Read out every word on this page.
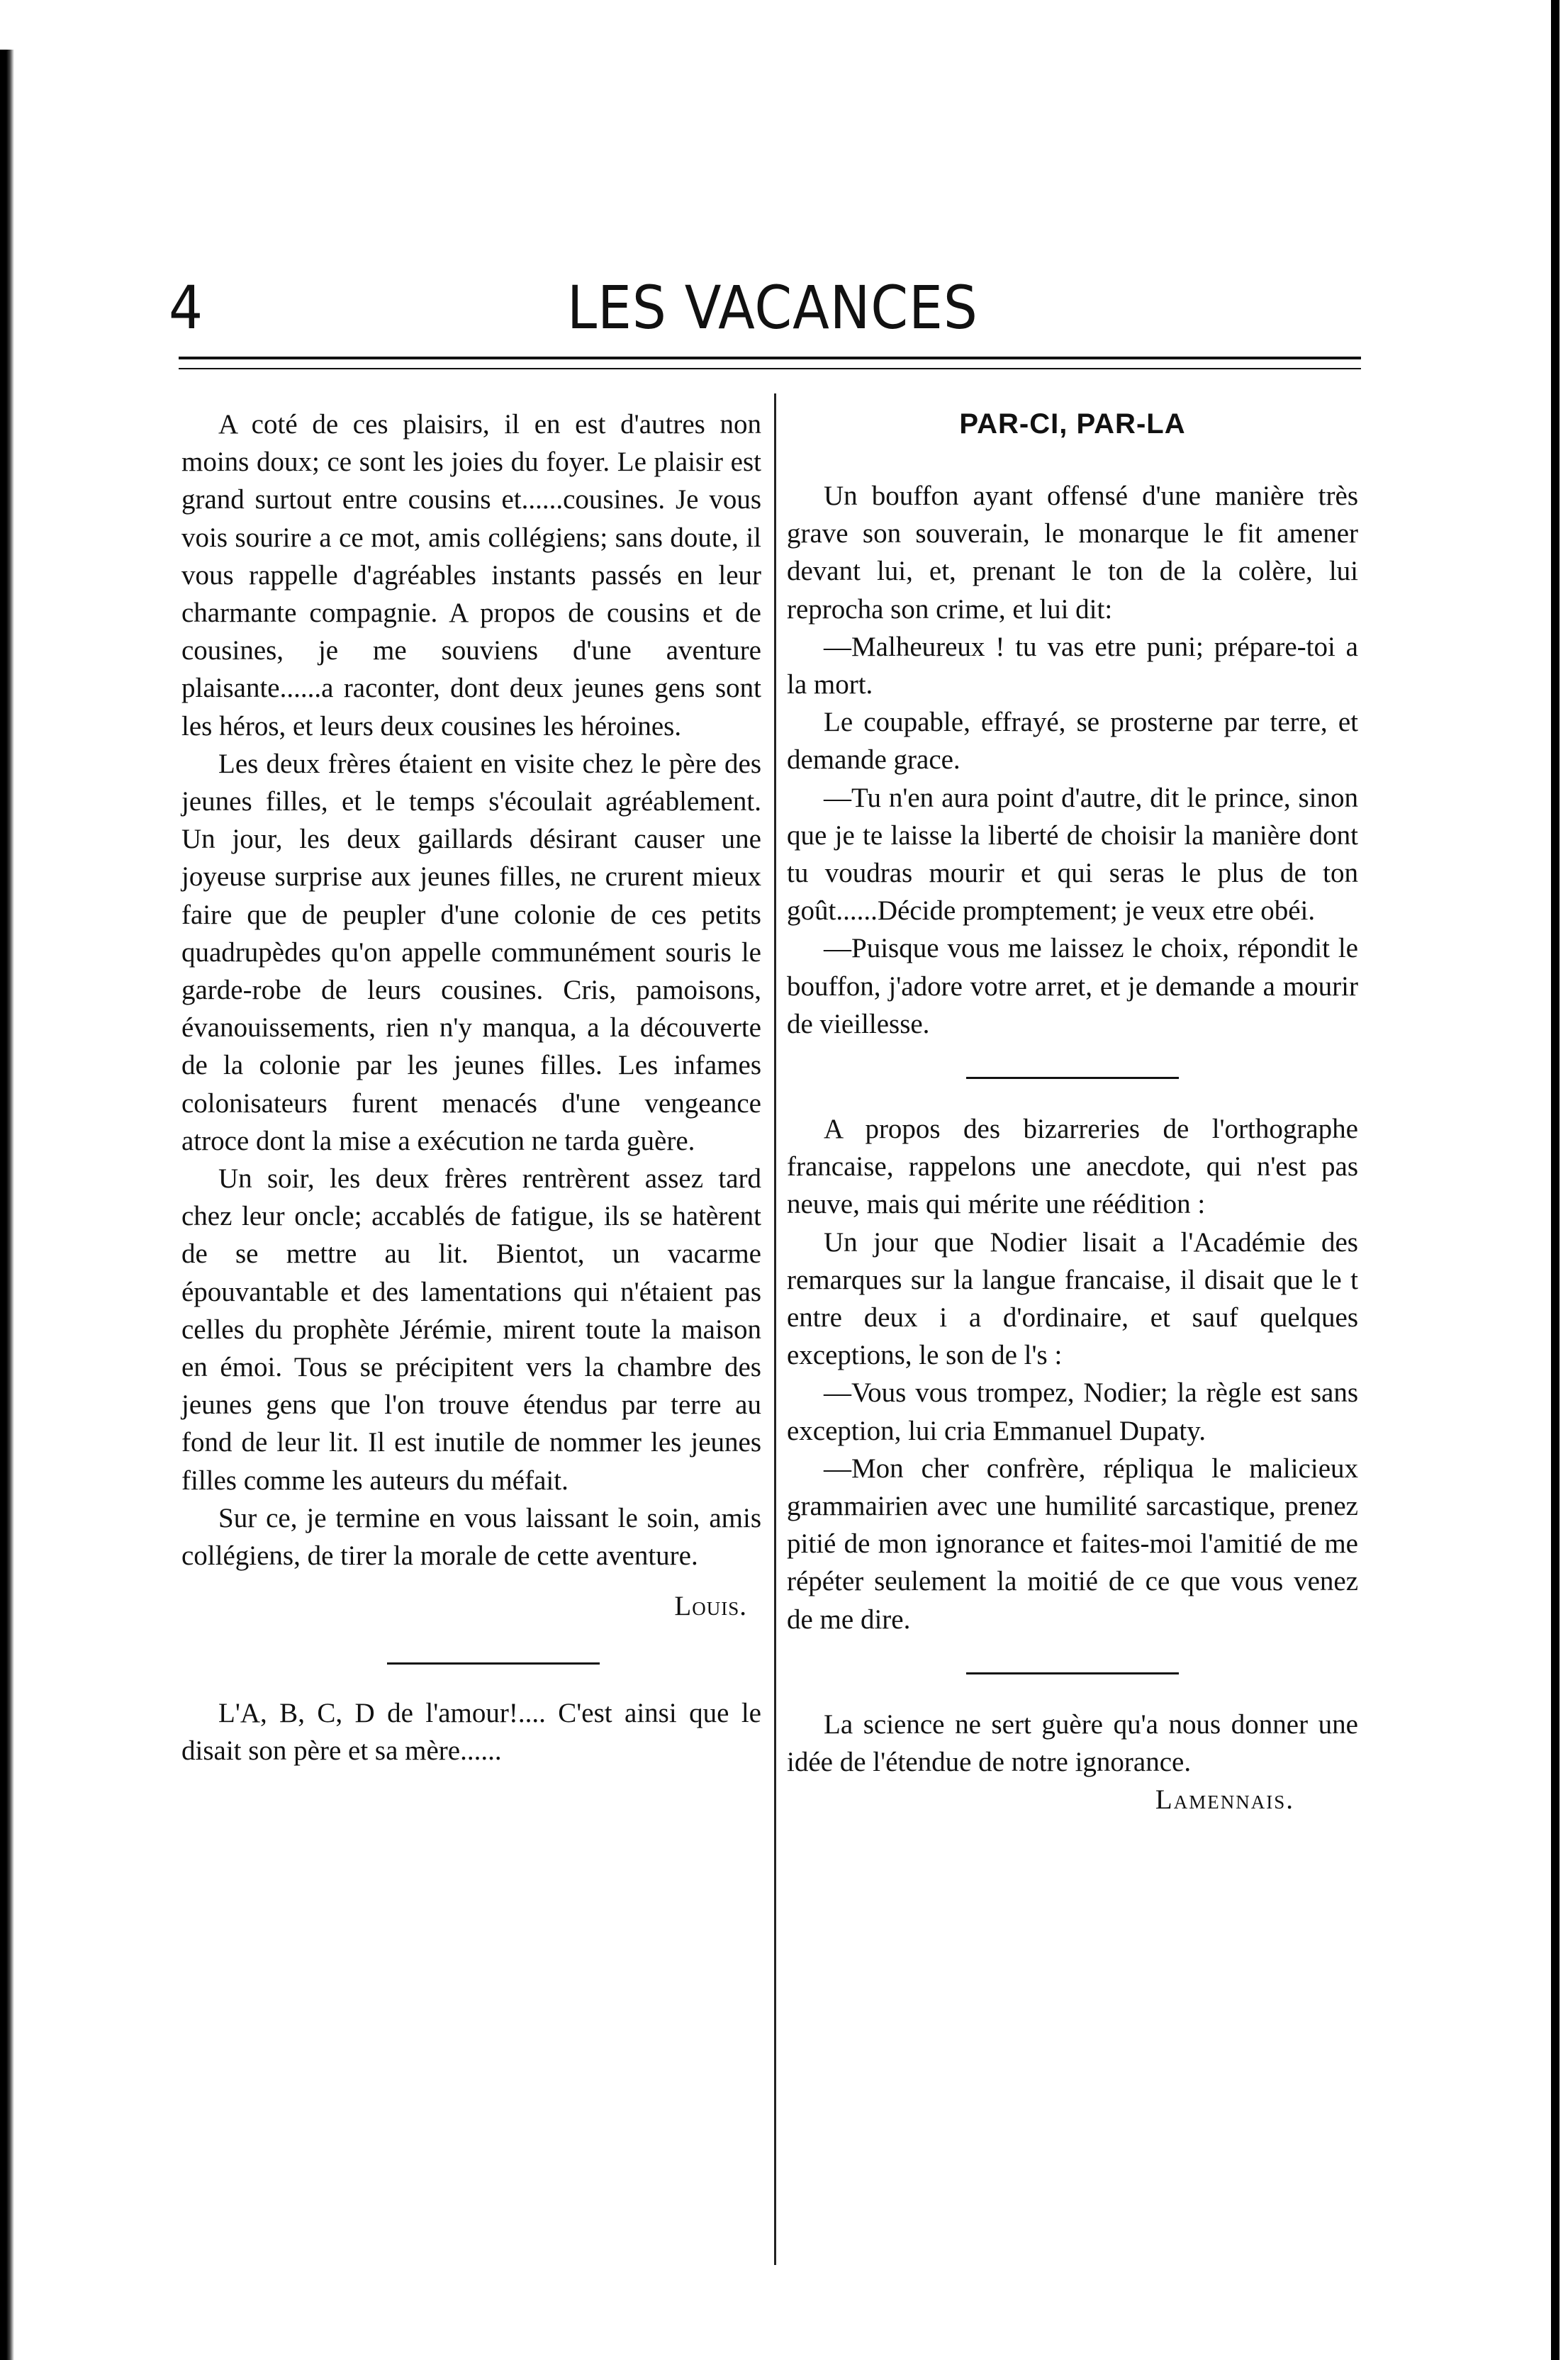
4	LES VACANCES

A coté de ces plaisirs, il en est d'autres non moins doux; ce sont les joies du foyer. Le plaisir est grand surtout entre cousins et......cousines. Je vous vois sourire a ce mot, amis collégiens; sans doute, il vous rappelle d'agréables instants passés en leur charmante compagnie. A propos de cousins et de cousines, je me souviens d'une aventure plaisante......a raconter, dont deux jeunes gens sont les héros, et leurs deux cousines les héroines.

Les deux frères étaient en visite chez le père des jeunes filles, et le temps s'écoulait agréablement. Un jour, les deux gaillards désirant causer une joyeuse surprise aux jeunes filles, ne crurent mieux faire que de peupler d'une colonie de ces petits quadrupèdes qu'on appelle communément souris le garde-robe de leurs cousines. Cris, pamoisons, évanouissements, rien n'y manqua, a la découverte de la colonie par les jeunes filles. Les infames colonisateurs furent menacés d'une vengeance atroce dont la mise a exécution ne tarda guère.

Un soir, les deux frères rentrèrent assez tard chez leur oncle; accablés de fatigue, ils se hatèrent de se mettre au lit. Bientot, un vacarme épouvantable et des lamentations qui n'étaient pas celles du prophète Jérémie, mirent toute la maison en émoi. Tous se précipitent vers la chambre des jeunes gens que l'on trouve étendus par terre au fond de leur lit. Il est inutile de nommer les jeunes filles comme les auteurs du méfait.

Sur ce, je termine en vous laissant le soin, amis collégiens, de tirer la morale de cette aventure.

Louis.

L'A, B, C, D de l'amour!.... C'est ainsi que le disait son père et sa mère......

PAR-CI, PAR-LA

Un bouffon ayant offensé d'une manière très grave son souverain, le monarque le fit amener devant lui, et, prenant le ton de la colère, lui reprocha son crime, et lui dit:

—Malheureux ! tu vas etre puni; prépare-toi a la mort.

Le coupable, effrayé, se prosterne par terre, et demande grace.

—Tu n'en aura point d'autre, dit le prince, sinon que je te laisse la liberté de choisir la manière dont tu voudras mourir et qui seras le plus de ton goût......Décide promptement; je veux etre obéi.

—Puisque vous me laissez le choix, répondit le bouffon, j'adore votre arret, et je demande a mourir de vieillesse.

A propos des bizarreries de l'orthographe francaise, rappelons une anecdote, qui n'est pas neuve, mais qui mérite une réédition :

Un jour que Nodier lisait a l'Académie des remarques sur la langue francaise, il disait que le t entre deux i a d'ordinaire, et sauf quelques exceptions, le son de l's :

—Vous vous trompez, Nodier; la règle est sans exception, lui cria Emmanuel Dupaty.

—Mon cher confrère, répliqua le malicieux grammairien avec une humilité sarcastique, prenez pitié de mon ignorance et faites-moi l'amitié de me répéter seulement la moitié de ce que vous venez de me dire.

La science ne sert guère qu'a nous donner une idée de l'étendue de notre ignorance.
Lamennais.
